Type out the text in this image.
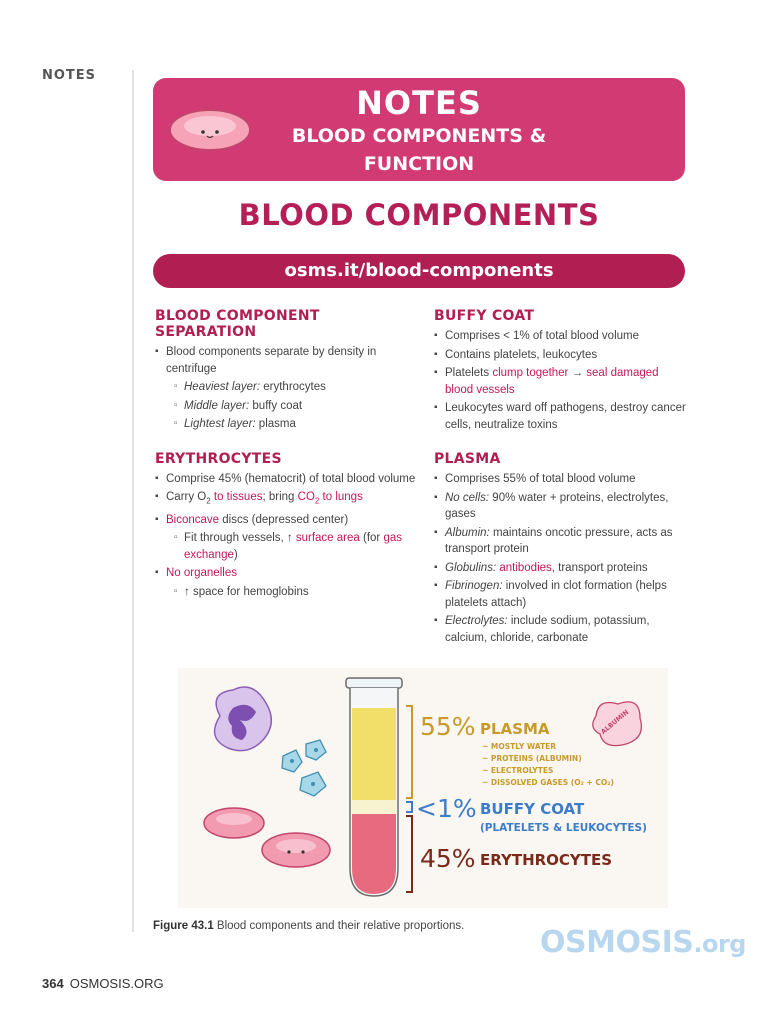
NOTES
NOTES
BLOOD COMPONENTS &
FUNCTION
BLOOD COMPONENTS
osms.it/blood-components
BLOOD COMPONENT SEPARATION
▪ Blood components separate by density in centrifuge
▫ Heaviest layer: erythrocytes
▫ Middle layer: buffy coat
▫ Lightest layer: plasma
ERYTHROCYTES
▪ Comprise 45% (hematocrit) of total blood volume
▪ Carry $O_2$ to tissues; bring $CO_2$ to lungs
▪ Biconcave discs (depressed center)
▫ Fit through vessels, ↑ surface area (for gas exchange)
▪ No organelles
▫ ↑ space for hemoglobins
BUFFY COAT
▪ Comprises < 1% of total blood volume
▪ Contains platelets, leukocytes
▪ Platelets clump together → seal damaged blood vessels
▪ Leukocytes ward off pathogens, destroy cancer cells, neutralize toxins
PLASMA
▪ Comprises 55% of total blood volume
▪ No cells: 90% water + proteins, electrolytes, gases
▪ Albumin: maintains oncotic pressure, acts as transport protein
▪ Globulins: antibodies, transport proteins
▪ Fibrinogen: involved in clot formation (helps platelets attach)
▪ Electrolytes: include sodium, potassium, calcium, chloride, carbonate
55% PLASMA
~ MOSTLY WATER
~ PROTEINS (ALBUMIN)
~ ELECTROLYTES
~ DISSOLVED GASES (O₂ + CO₂)
<1% BUFFY COAT
(PLATELETS & LEUKOCYTES)
45% ERYTHROCYTES
ALBUMIN
Figure 43.1 Blood components and their relative proportions.	OSMOSIS.org
364 OSMOSIS.ORG
